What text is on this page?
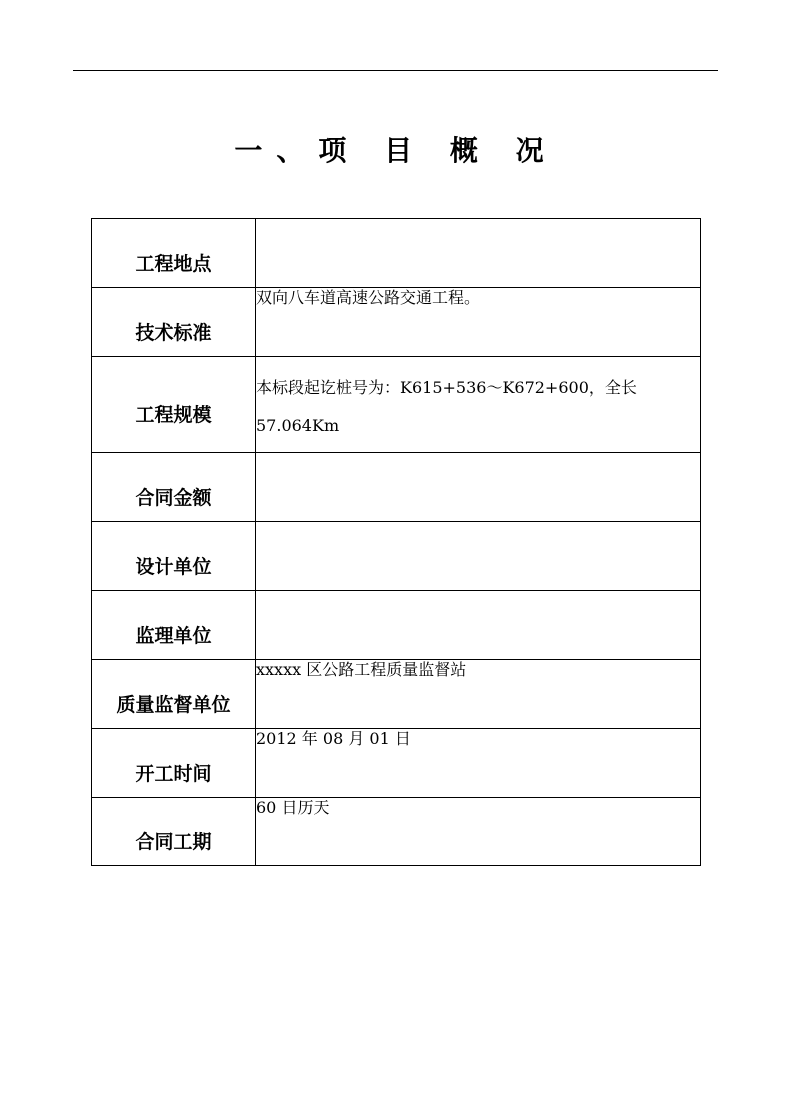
一、项 目 概 况
工程地点	

技术标准	双向八车道高速公路交通工程。

工程规模	本标段起讫桩号为：K615+536～K672+600，全长
57.064Km

合同金额	

设计单位	

监理单位	

质量监督单位	xxxxx 区公路工程质量监督站

开工时间	2012 年 08 月 01 日

合同工期	60 日历天
